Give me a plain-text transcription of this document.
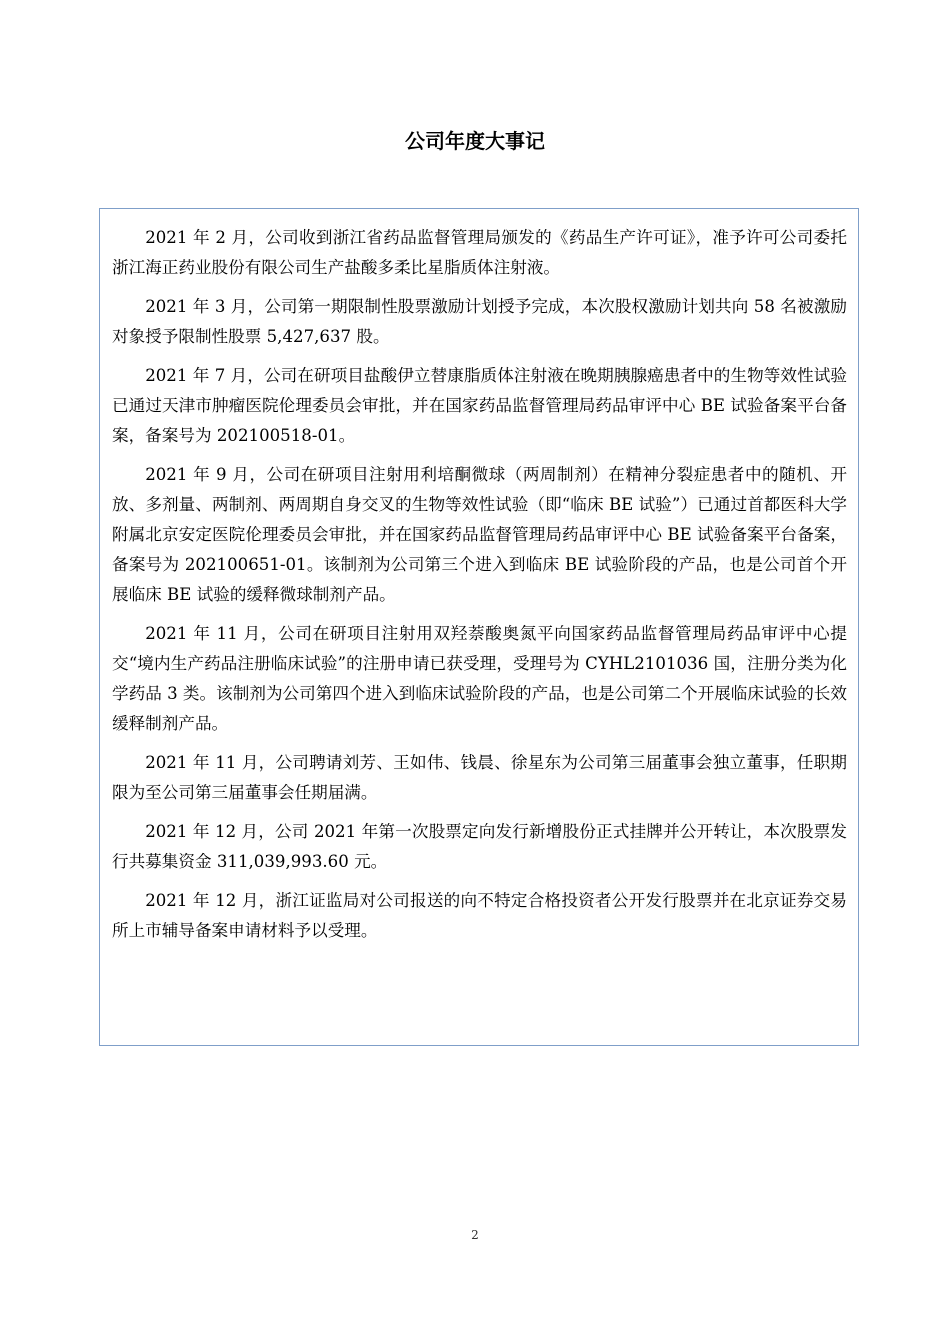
公司年度大事记

2021 年 2 月，公司收到浙江省药品监督管理局颁发的《药品生产许可证》，准予许可公司委托浙江海正药业股份有限公司生产盐酸多柔比星脂质体注射液。

2021 年 3 月，公司第一期限制性股票激励计划授予完成，本次股权激励计划共向 58 名被激励对象授予限制性股票 5,427,637 股。

2021 年 7 月，公司在研项目盐酸伊立替康脂质体注射液在晚期胰腺癌患者中的生物等效性试验已通过天津市肿瘤医院伦理委员会审批，并在国家药品监督管理局药品审评中心 BE 试验备案平台备案，备案号为 202100518-01。

2021 年 9 月，公司在研项目注射用利培酮微球（两周制剂）在精神分裂症患者中的随机、开放、多剂量、两制剂、两周期自身交叉的生物等效性试验（即“临床 BE 试验”）已通过首都医科大学附属北京安定医院伦理委员会审批，并在国家药品监督管理局药品审评中心 BE 试验备案平台备案，备案号为 202100651-01。该制剂为公司第三个进入到临床 BE 试验阶段的产品，也是公司首个开展临床 BE 试验的缓释微球制剂产品。

2021 年 11 月，公司在研项目注射用双羟萘酸奥氮平向国家药品监督管理局药品审评中心提交“境内生产药品注册临床试验”的注册申请已获受理，受理号为 CYHL2101036 国，注册分类为化学药品 3 类。该制剂为公司第四个进入到临床试验阶段的产品，也是公司第二个开展临床试验的长效缓释制剂产品。

2021 年 11 月，公司聘请刘芳、王如伟、钱晨、徐星东为公司第三届董事会独立董事，任职期限为至公司第三届董事会任期届满。

2021 年 12 月，公司 2021 年第一次股票定向发行新增股份正式挂牌并公开转让，本次股票发行共募集资金 311,039,993.60 元。

2021 年 12 月，浙江证监局对公司报送的向不特定合格投资者公开发行股票并在北京证券交易所上市辅导备案申请材料予以受理。

2
